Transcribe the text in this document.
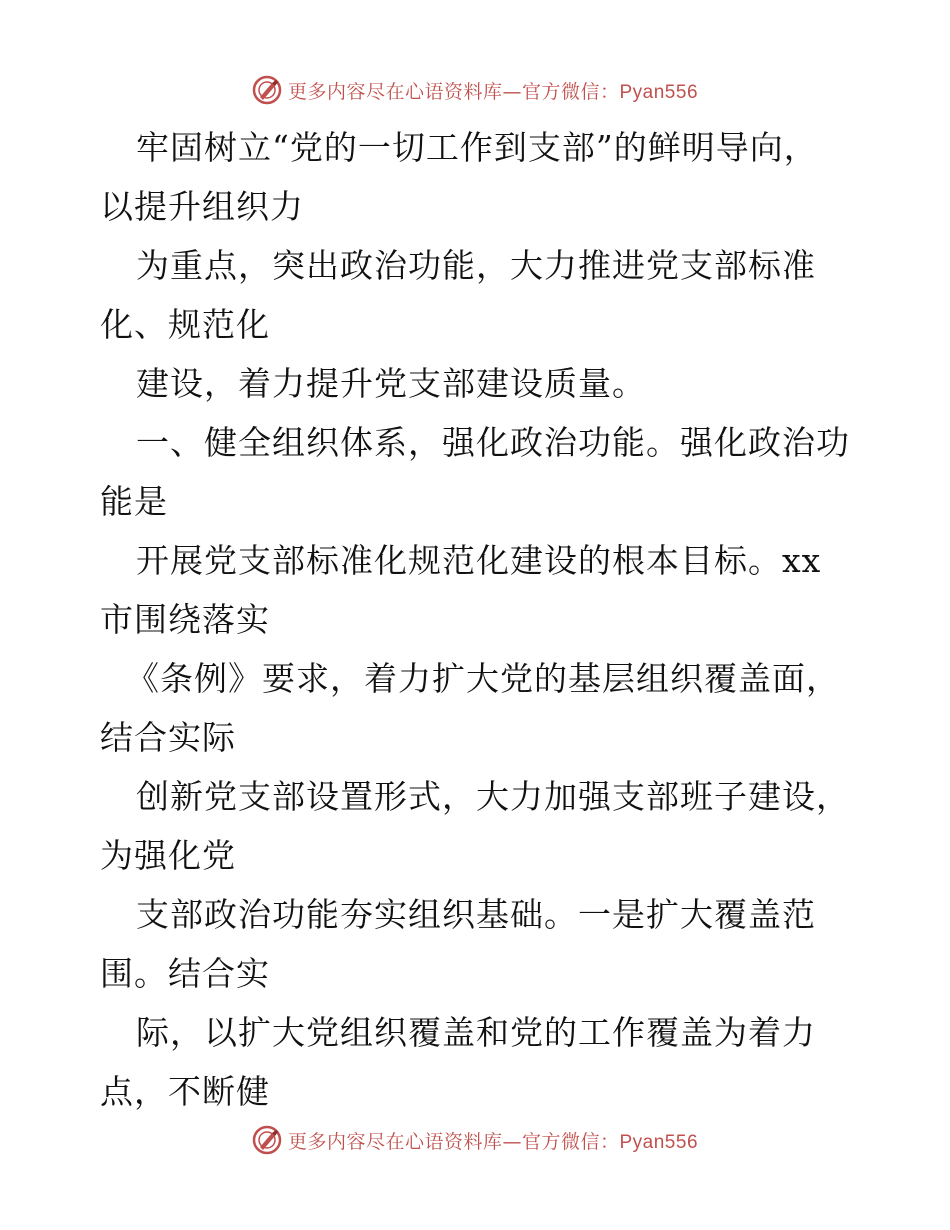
更多内容尽在心语资料库—官方微信：Pyan556
牢固树立“党的一切工作到支部”的鲜明导向，
以提升组织力
为重点，突出政治功能，大力推进党支部标准
化、规范化
建设，着力提升党支部建设质量。
一、健全组织体系，强化政治功能。强化政治功
能是
开展党支部标准化规范化建设的根本目标。xx
市围绕落实
《条例》要求，着力扩大党的基层组织覆盖面，
结合实际
创新党支部设置形式，大力加强支部班子建设，
为强化党
支部政治功能夯实组织基础。一是扩大覆盖范
围。结合实
际，以扩大党组织覆盖和党的工作覆盖为着力
点，不断健
更多内容尽在心语资料库—官方微信：Pyan556
